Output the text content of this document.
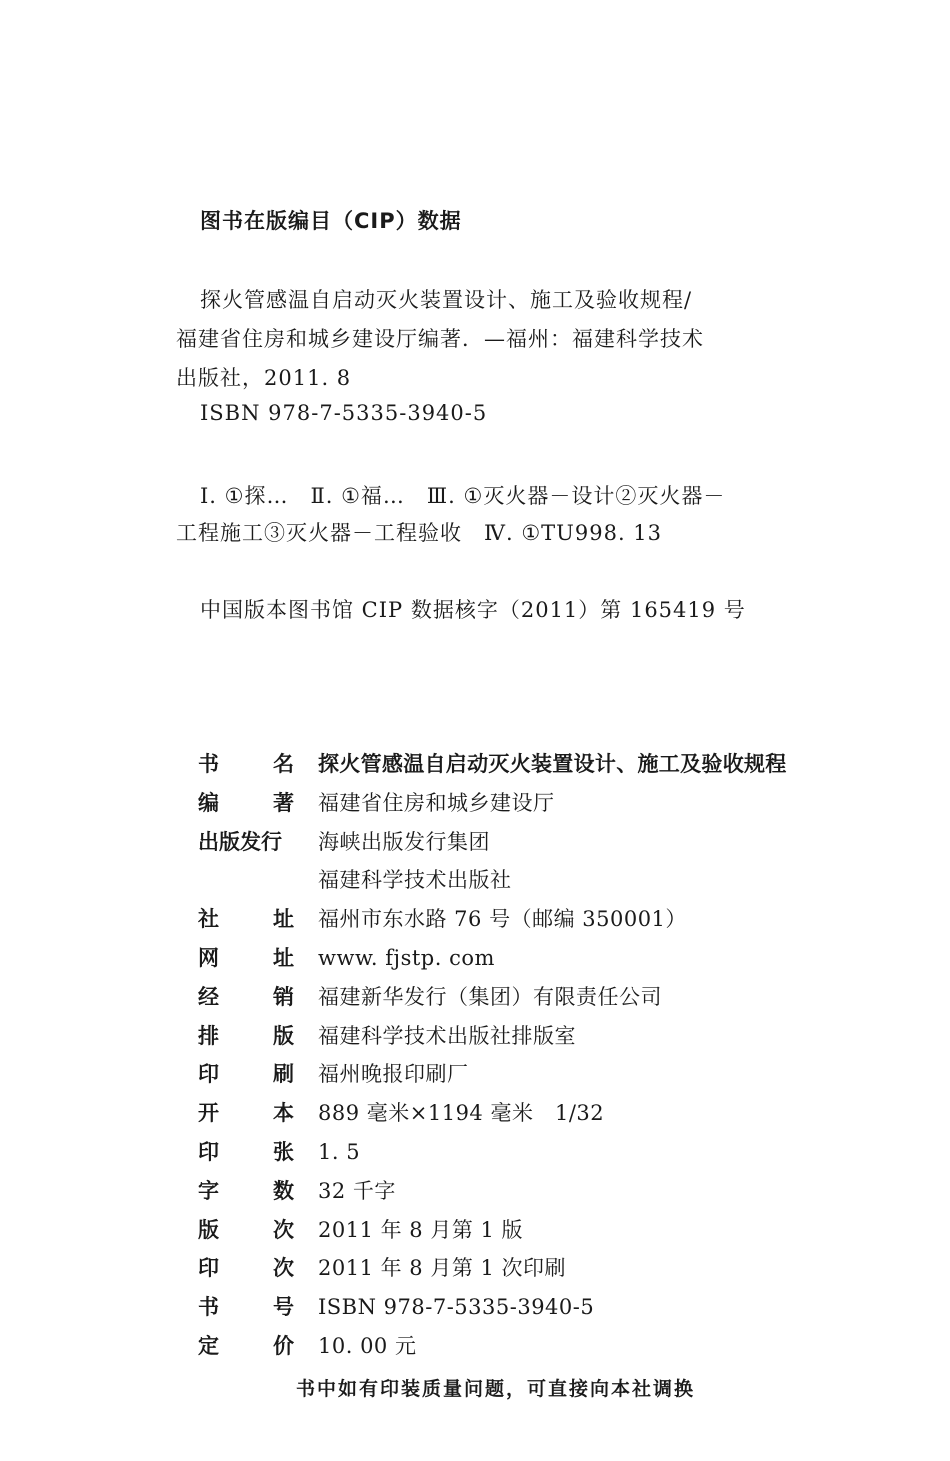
图书在版编目（CIP）数据
探火管感温自启动灭火装置设计、施工及验收规程/
福建省住房和城乡建设厅编著．—福州：福建科学技术
出版社，2011. 8
ISBN 978-7-5335-3940-5
Ⅰ. ①探…　Ⅱ. ①福…　Ⅲ. ①灭火器－设计②灭火器－
工程施工③灭火器－工程验收　Ⅳ. ①TU998. 13
中国版本图书馆 CIP 数据核字（2011）第 165419 号
书	名 探火管感温自启动灭火装置设计、施工及验收规程
编	著 福建省住房和城乡建设厅
出版发行 海峡出版发行集团
福建科学技术出版社
社	址 福州市东水路 76 号（邮编 350001）
网	址 www. fjstp. com
经	销 福建新华发行（集团）有限责任公司
排	版 福建科学技术出版社排版室
印	刷 福州晚报印刷厂
开	本 889 毫米×1194 毫米　1/32
印	张 1. 5
字	数 32 千字
版	次 2011 年 8 月第 1 版
印	次 2011 年 8 月第 1 次印刷
书	号 ISBN 978-7-5335-3940-5
定	价 10. 00 元
书中如有印装质量问题，可直接向本社调换
